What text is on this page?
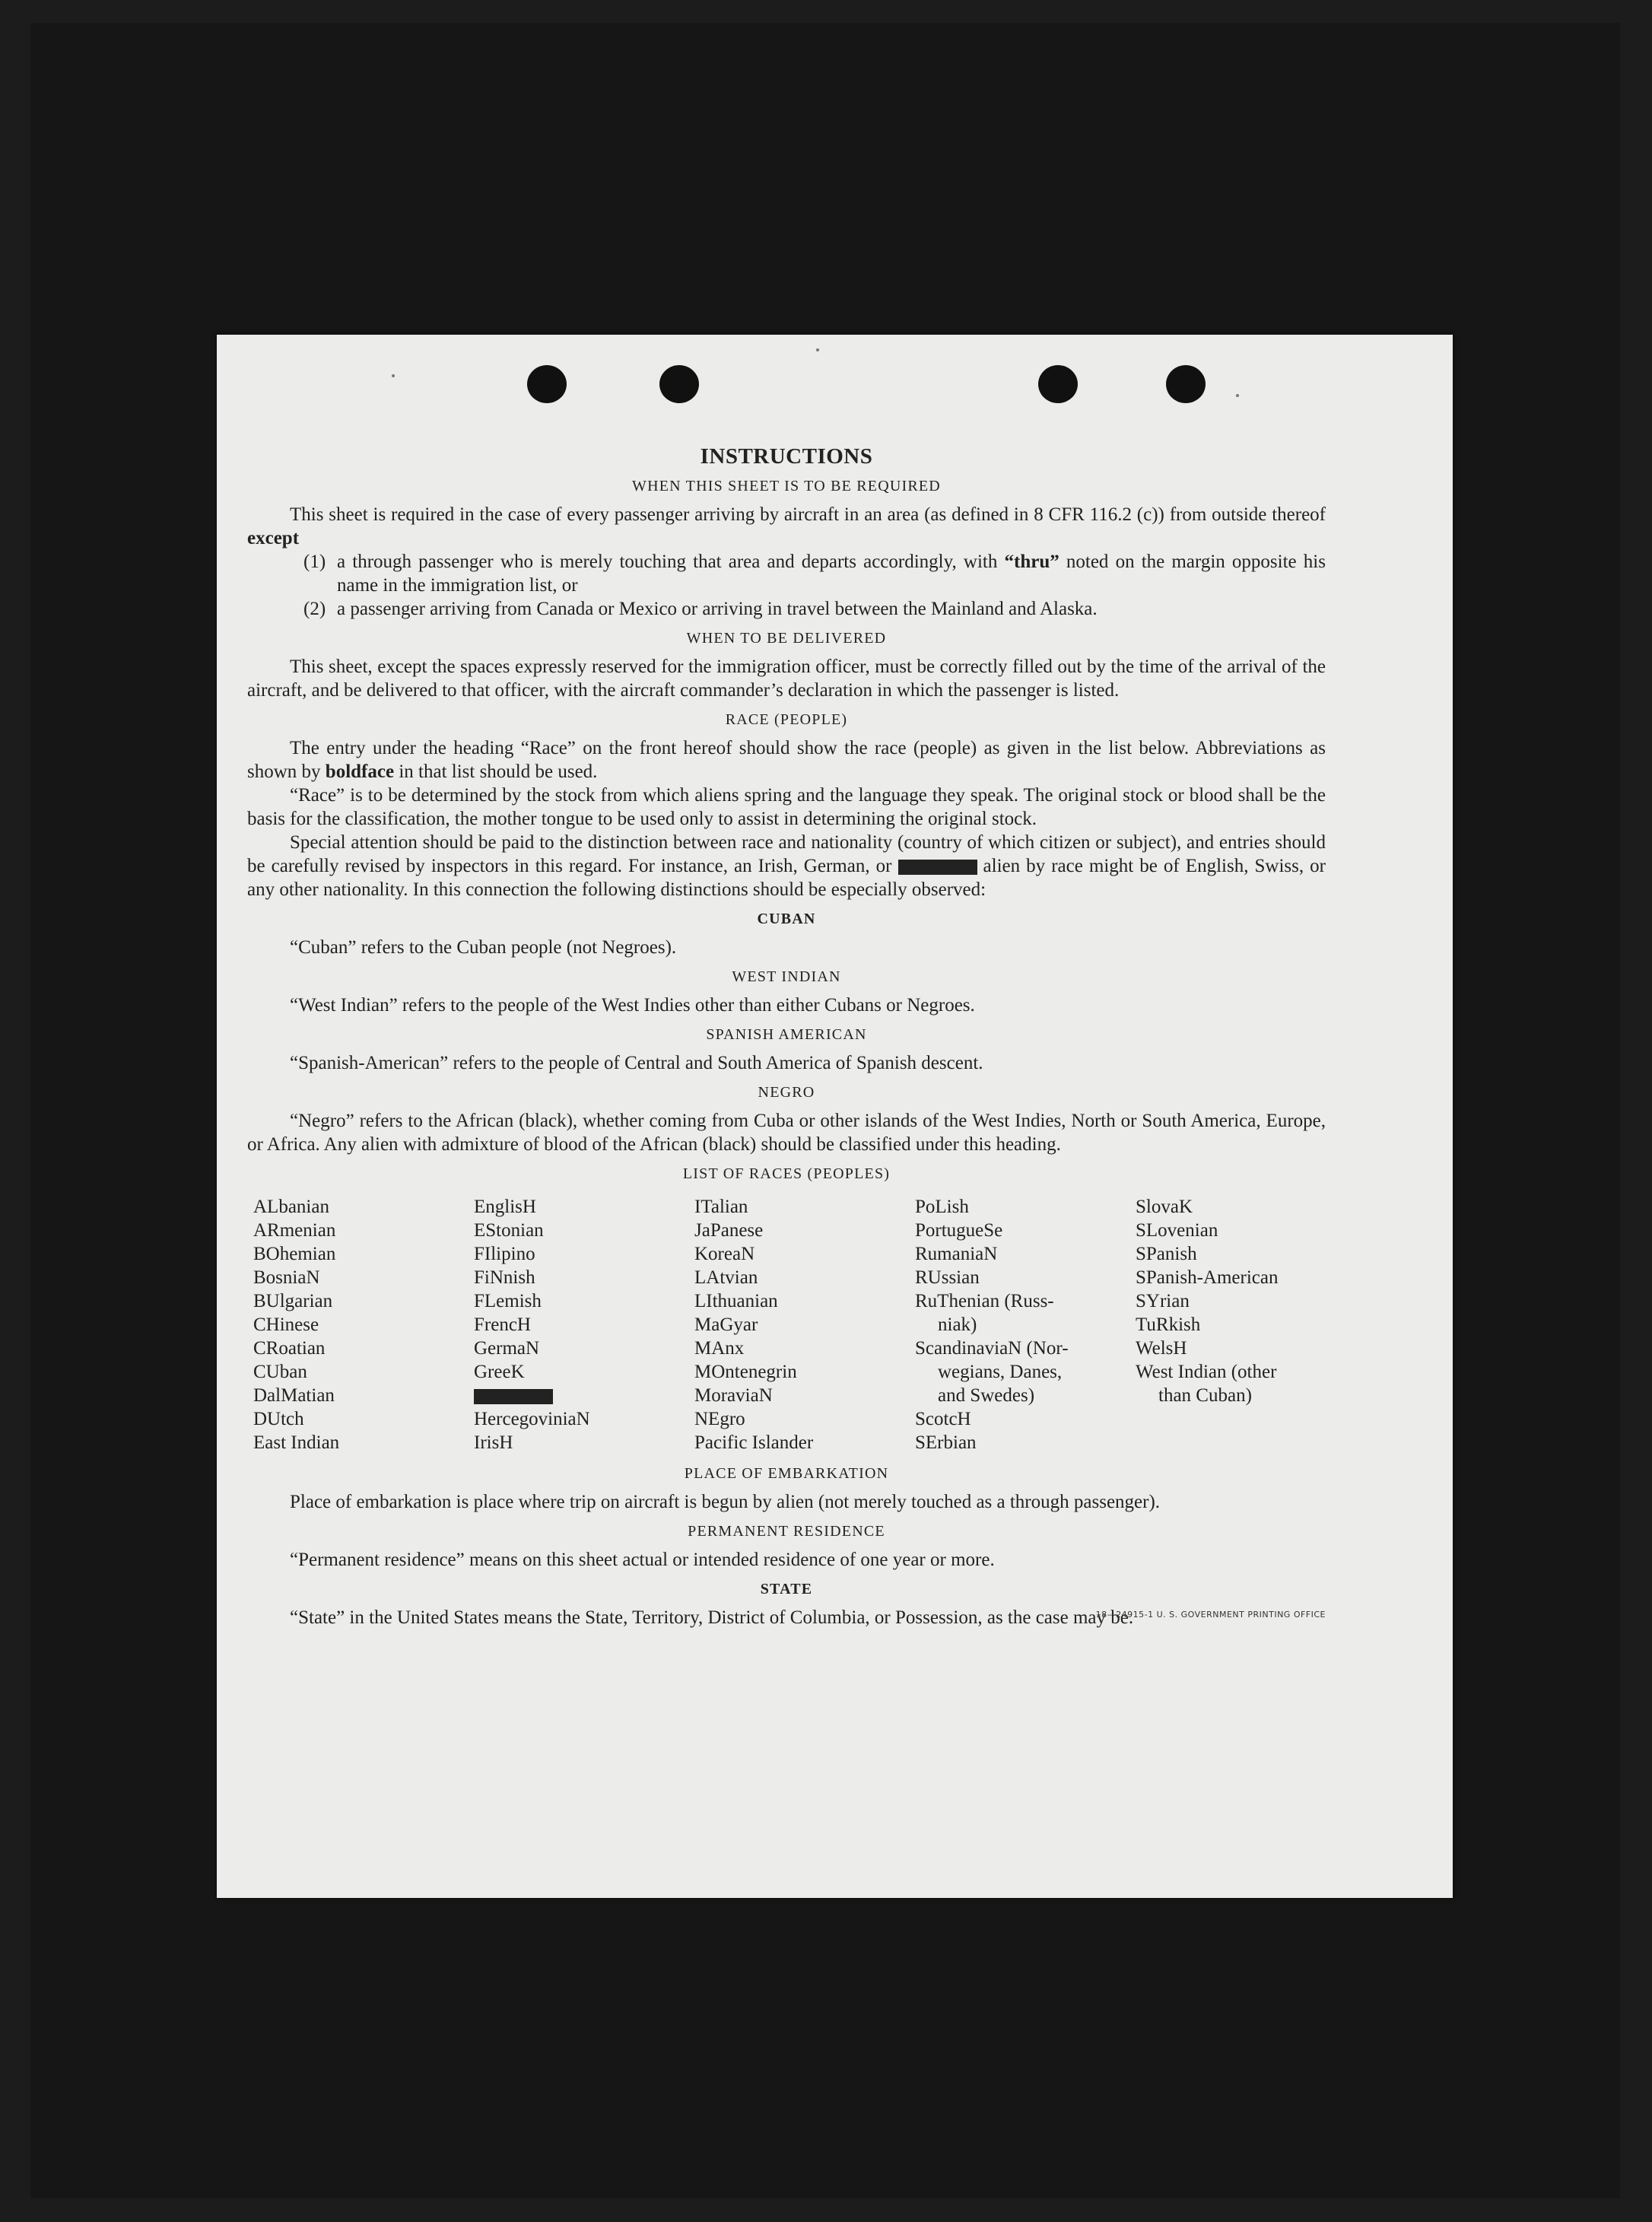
INSTRUCTIONS
WHEN THIS SHEET IS TO BE REQUIRED

This sheet is required in the case of every passenger arriving by aircraft in an area (as defined in 8 CFR 116.2 (c)) from outside thereof except

(1) a through passenger who is merely touching that area and departs accordingly, with “thru” noted on the margin opposite his name in the immigration list, or
(2) a passenger arriving from Canada or Mexico or arriving in travel between the Mainland and Alaska.
WHEN TO BE DELIVERED

This sheet, except the spaces expressly reserved for the immigration officer, must be correctly filled out by the time of the arrival of the aircraft, and be delivered to that officer, with the aircraft commander’s declaration in which the passenger is listed.

RACE (PEOPLE)

The entry under the heading “Race” on the front hereof should show the race (people) as given in the list below. Abbreviations as shown by boldface in that list should be used.

“Race” is to be determined by the stock from which aliens spring and the language they speak. The original stock or blood shall be the basis for the classification, the mother tongue to be used only to assist in determining the original stock.

Special attention should be paid to the distinction between race and nationality (country of which citizen or subject), and entries should be carefully revised by inspectors in this regard. For instance, an Irish, German, or	alien by race might be of English, Swiss, or any other nationality. In this connection the following distinctions should be especially observed:

CUBAN

“Cuban” refers to the Cuban people (not Negroes).

WEST INDIAN

“West Indian” refers to the people of the West Indies other than either Cubans or Negroes.

SPANISH AMERICAN

“Spanish-American” refers to the people of Central and South America of Spanish descent.

NEGRO

“Negro” refers to the African (black), whether coming from Cuba or other islands of the West Indies, North or South America, Europe, or Africa. Any alien with admixture of blood of the African (black) should be classified under this heading.

LIST OF RACES (PEOPLES)
ALbanian
ARmenian
BOhemian
BosniaN
BUlgarian
CHinese
CRoatian
CUban
DalMatian
DUtch
East Indian
EnglisH
EStonian
FIlipino
FiNnish
FLemish
FrencH
GermaN
GreeK
HercegoviniaN
IrisH
ITalian
JaPanese
KoreaN
LAtvian
LIthuanian
MaGyar
MAnx
MOntenegrin
MoraviaN
NEgro
Pacific Islander
PoLish
PortugueSe
RumaniaN
RUssian
RuThenian (Russ-
niak)
ScandinaviaN (Nor-
wegians, Danes,
and Swedes)
ScotcH
SErbian
SlovaK
SLovenian
SPanish
SPanish-American
SYrian
TuRkish
WelsH
West Indian (other
than Cuban)
PLACE OF EMBARKATION

Place of embarkation is place where trip on aircraft is begun by alien (not merely touched as a through passenger).

PERMANENT RESIDENCE

“Permanent residence” means on this sheet actual or intended residence of one year or more.

STATE

“State” in the United States means the State, Territory, District of Columbia, or Possession, as the case may be.

18—24915-1 U. S. GOVERNMENT PRINTING OFFICE
